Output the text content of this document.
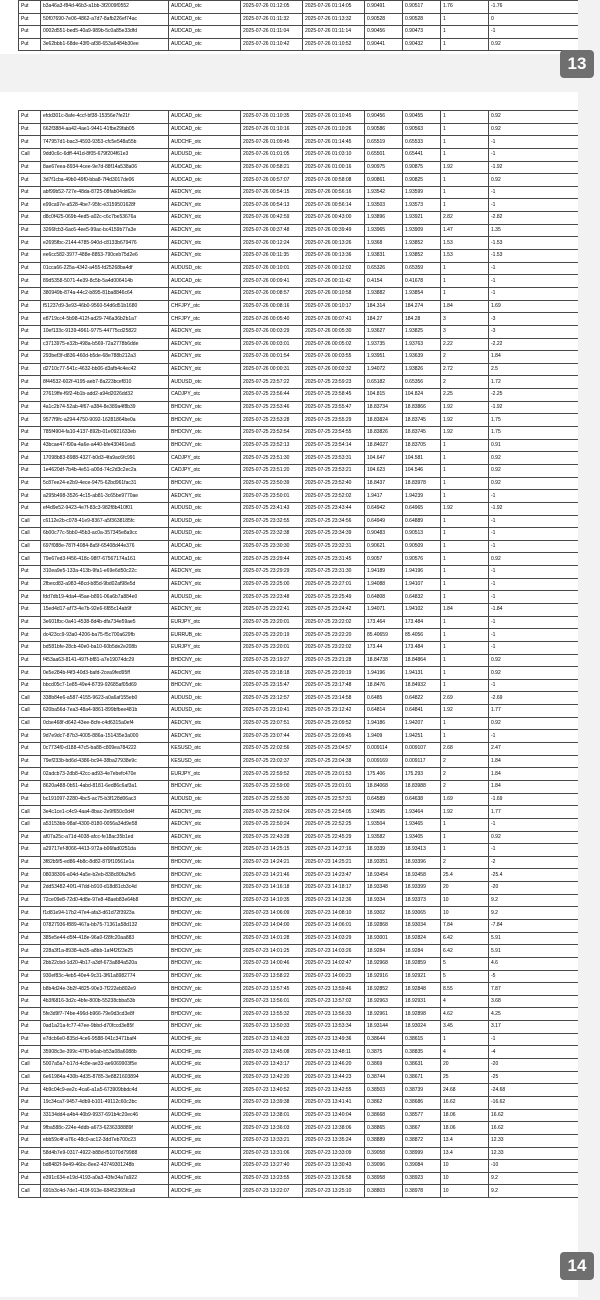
Put	b3a46a3-f84d-46b3-a1bb-3f2009f0552	AUDCAD_otc	2025-07-26 01:12:05	2025-07-26 01:14:05	0.90491	0.90517	1.76	-1.76
Put	50f07690-7e06-4862-a7d7-8afb226ef74ac	AUDCAD_otc	2025-07-26 01:11:32	2025-07-26 01:13:32	0.90528	0.90528	1	0
Put	0002d551-bed5-40a9-989b-5c0a85e33dfd	AUDCAD_otc	2025-07-26 01:11:04	2025-07-26 01:11:14	0.90456	0.90473	1	-1
Put	3e62bbb1-68de-43f0-af38-653a6484b30ee	AUDCAD_otc	2025-07-26 01:10:42	2025-07-26 01:10:52	0.90441	0.90432	1	0.92
13
Put	efdd301c-8afe-4ccf-bf38-15356e7fe21f	AUDCAD_otc	2025-07-26 01:10:35	2025-07-26 01:10:45	0.90456	0.90455	1	0.92
Put	662f3884-aa42-4ae1-9441-41fbe29fab05	AUDCAD_otc	2025-07-26 01:10:16	2025-07-26 01:10:26	0.90586	0.90563	1	0.92
Put	747957d1-bac3-4593-9353-cfc5e548a55b	AUDCHF_otc	2025-07-26 01:09:45	2025-07-26 01:14:45	0.65519	0.65533	1	-1
Call	9dd0c6c-6dff-441d-8f05-679f204f61e3	AUDUSD_otc	2025-07-26 01:01:05	2025-07-26 01:03:10	0.65501	0.65441	1	-1
Put	8ae67eea-8934-4cee-9e7d-88f14a538a06	AUDCAD_otc	2025-07-26 00:58:21	2025-07-26 01:00:16	0.90975	0.90875	1.92	-1.92
Put	3d7f1cba-49b0-49f0-bba8-7f4d3017de06	AUDCAD_otc	2025-07-26 00:57:07	2025-07-26 00:58:08	0.90861	0.90825	1	0.92
Put	abf99b52-727e-48da-8725-08fab04dd62e	AEDCNY_otc	2025-07-26 00:54:15	2025-07-26 00:56:16	1.93542	1.93599	1	-1
Put	e99ca97e-a528-4be7-95fc-e3159501628f	AEDCNY_otc	2025-07-26 00:54:13	2025-07-26 00:56:14	1.93503	1.93573	1	-1
Put	d8c0f425-069b-4ed5-a02c-c6c7be53676a	AEDCNY_otc	2025-07-26 00:42:59	2025-07-26 00:43:00	1.93896	1.93921	2.82	-2.82
Put	3266fcb3-6ac6-4ee5-99ac-bc4159b77a3e	AEDCNY_otc	2025-07-26 00:37:48	2025-07-26 00:39:49	1.93965	1.93909	1.47	1.35
Put	e2695fbc-2144-4785-940d-c8133b679476	AEDCNY_otc	2025-07-26 00:12:24	2025-07-26 00:13:26	1.9368	1.93852	1.53	-1.53
Put	ee6cc582-3977-488e-8853-790ceb75d2e6	AEDCNY_otc	2025-07-26 00:11:35	2025-07-26 00:13:36	1.93831	1.93852	1.53	-1.53
Put	01cca66-225a-4342-a455-fd25268ba4df	AUDUSD_otc	2025-07-26 00:10:01	2025-07-26 00:12:02	0.65326	0.65359	1	-1
Put	89d5358-5071-4e39-8c5b-5a4d006414b	AUDCAD_otc	2025-07-26 00:09:41	2025-07-26 00:11:42	0.4154	0.41678	1	-1
Put	380949b-874a-44c2-b895-81ba8846c64	AEDCNY_otc	2025-07-26 00:08:57	2025-07-26 00:10:58	1.93882	1.93854	1	-1
Put	f51237d9-3e93-46b0-9560-54d6d51b1680	CHFJPY_otc	2025-07-26 00:08:16	2025-07-26 00:10:17	184.314	184.274	1.84	1.69
Put	e8719cc4-5b98-412f-ad29-746a36b2b1a7	CHFJPY_otc	2025-07-26 00:05:40	2025-07-26 00:07:41	184.27	184.28	3	-3
Put	10ef133c-9139-4961-9775-44775cd25822	AEDCNY_otc	2025-07-26 00:03:29	2025-07-26 00:05:30	1.93627	1.93825	3	-3
Put	c3713975-e32b-498a-b569-72a2778b6dde	AEDCNY_otc	2025-07-26 00:03:01	2025-07-26 00:05:02	1.93735	1.93763	2.22	-2.22
Put	293bef3f-d836-460d-b5de-68e788b212a3	AEDCNY_otc	2025-07-26 00:01:54	2025-07-26 00:03:55	1.93951	1.93639	2	1.84
Put	d2710c77-541c-4632-bb06-d3afb4c4ec42	AEDCNY_otc	2025-07-26 00:00:31	2025-07-26 00:02:32	1.94072	1.93826	2.72	2.5
Put	8f44532-602f-4195-aeb7-8a223bcef810	AUDUSD_otc	2025-07-25 23:57:22	2025-07-25 23:59:23	0.65182	0.65356	2	1.72
Put	27619ffe-f6f2-4b1b-add2-a94d2026dd32	CADJPY_otc	2025-07-25 23:56:44	2025-07-25 23:58:45	104.815	104.824	2.25	-2.25
Put	4a1c2b74-52ab-4f67-a384-8e389a4f8b39	BHDCNY_otc	2025-07-25 23:53:46	2025-07-25 23:55:47	18.83734	18.83866	1.92	-1.92
Put	9577f9fc-a294-4750-9092-16281864be0a	BHDCNY_otc	2025-07-25 23:53:28	2025-07-25 23:55:29	18.83824	18.83745	1.92	1.75
Put	785f4904-fa10-4137-892b-01e0921633eb	BHDCNY_otc	2025-07-25 23:52:54	2025-07-25 23:54:55	18.83826	18.83745	1.92	1.75
Put	43bcae47-f90a-4a6e-a440-bfe430461ea5	BHDCNY_otc	2025-07-25 23:52:13	2025-07-25 23:54:14	18.84027	18.83705	1	0.91
Put	17098b83-8988-4327-b0d3-4fa9ac6fc991	CADJPY_otc	2025-07-25 23:51:30	2025-07-25 23:53:31	104.647	104.581	1	0.92
Put	1e4620df-7b4b-4e51-a00d-74c2d3c2ec2a	CADJPY_otc	2025-07-25 23:51:20	2025-07-25 23:53:21	104.623	104.546	1	0.92
Put	5c87ee24-e2b9-4ece-9475-62bd961fac31	BHDCNY_otc	2025-07-25 23:50:39	2025-07-25 23:52:40	18.8437	18.83978	1	0.92
Put	a295b498-3526-4c15-ab81-3c65be9770ae	AEDCNY_otc	2025-07-25 23:50:01	2025-07-25 23:52:02	1.9417	1.94239	1	-1
Put	ef4d9e52-9423-4e7f-83c3-982f8b410f01	AUDUSD_otc	2025-07-25 23:41:43	2025-07-25 23:43:44	0.64942	0.64965	1.92	-1.92
Call	c6112e2b-c078-41e9-8367-a5f3638185fc	AUDUSD_otc	2025-07-25 23:32:55	2025-07-25 23:34:56	0.64949	0.64889	1	-1
Call	6b00c77c-5bb0-45b3-ac0a-357345e8a9cc	AUDUSD_otc	2025-07-25 23:32:38	2025-07-25 23:34:39	0.90483	0.90513	1	-1
Call	697f088e-787f-4084-8a5f-65408d44e376	AUDCAD_otc	2025-07-25 23:30:30	2025-07-25 23:32:31	0.90621	0.90509	1	-1
Call	79e67ed3-f456-418c-98f7-67567174a161	AUDCAD_otc	2025-07-25 23:29:44	2025-07-25 23:31:45	0.9057	0.90576	1	0.92
Put	310ea9e5-133a-413b-9fa1-e69e6d50c22c	AEDCNY_otc	2025-07-25 23:29:29	2025-07-25 23:31:30	1.94189	1.94196	1	-1
Put	2fbecd83-a983-48cd-b85d-9bd02af98e5d	AEDCNY_otc	2025-07-25 23:25:00	2025-07-25 23:27:01	1.94088	1.94107	1	-1
Put	fdd7db19-4da4-45ae-b891-06a6b7a884e0	AUDUSD_otc	2025-07-25 23:23:48	2025-07-25 23:25:49	0.64808	0.64832	1	-1
Put	15ed4d17-af73-4e7b-92e6-6f85c14ab9f	AEDCNY_otc	2025-07-25 23:22:41	2025-07-25 23:24:42	1.94071	1.94102	1.84	-1.84
Put	3e601fbc-0a41-4538-8d4b-dfa734e59ae5	EURJPY_otc	2025-07-25 23:20:01	2025-07-25 23:22:02	173.464	173.484	1	-1
Put	dc423cc9-93a0-4206-ba75-f5c700a629fb	EURRUB_otc	2025-07-25 23:20:19	2025-07-25 23:22:20	85.40659	85.4056	1	-1
Put	bd581bfe-28cb-40e0-ba10-60b5de2e208b	EURJPY_otc	2025-07-25 23:20:01	2025-07-25 23:22:02	173.44	173.484	1	-1
Put	f453aa63-8141-497f-bf81-a7e19074dc29	BHDCNY_otc	2025-07-25 23:19:27	2025-07-25 23:21:28	18.84738	18.84864	1	0.92
Put	0e5e284b-f4f3-40d3-bafd-2cea9fed95ff	AEDCNY_otc	2025-07-25 23:18:18	2025-07-25 23:20:19	1.94196	1.94131	1	0.92
Put	bbcd05c7-1e85-49e4-8739-92685af05d69	BHDCNY_otc	2025-07-25 23:15:47	2025-07-25 23:17:48	18.8476	18.84932	1	-1
Call	338b84e6-a587-4155-9623-a0a6af155eb0	AUDUSD_otc	2025-07-25 23:12:57	2025-07-25 23:14:58	0.6485	0.64822	2.69	-2.69
Call	620ba56d-7ea3-48a4-9861-899bfbee481b	AUDUSD_otc	2025-07-25 23:10:41	2025-07-25 23:12:42	0.64814	0.64841	1.92	1.77
Call	0cbe468f-d642-43ee-8cfe-c4d6315a0ef4	AEDCNY_otc	2025-07-25 23:07:51	2025-07-25 23:09:52	1.94186	1.94207	1	0.92
Put	9d7e9dc7-87b3-4005-886a-151435e3a000	AEDCNY_otc	2025-07-25 23:07:44	2025-07-25 23:09:45	1.9409	1.94251	1	-1
Put	0c7734f0-d188-47c5-ba88-c809ea784222	KESUSD_otc	2025-07-25 22:02:56	2025-07-25 23:04:57	0.009114	0.009107	2.68	2.47
Put	79ef233b-bd6d-4386-bc94-38ba27938e9c	KESUSD_otc	2025-07-25 23:02:37	2025-07-25 23:04:38	0.009169	0.009117	2	1.84
Put	02adcb73-2db8-42cc-ad93-4e7ebefc470e	EURJPY_otc	2025-07-25 22:59:52	2025-07-25 23:01:53	175.406	175.293	2	1.84
Put	8620a488-0b51-4abd-8181-6ed86c6af3a1	BHDCNY_otc	2025-07-25 22:59:00	2025-07-25 23:01:01	18.84068	18.83988	2	1.84
Put	bc191097-2280-4bc5-ac75-b3f128d06ac3	AUDUSD_otc	2025-07-25 22:55:30	2025-07-25 22:57:31	0.64589	0.64638	1.69	-1.69
Call	3e4c1ce1-c4c9-4aa4-8bac-2e9f650c0d4f	AEDCNY_otc	2025-07-25 22:52:04	2025-07-25 22:54:05	1.93495	1.93464	1.92	1.77
Call	a53153bb-98af-4300-8180-0056a34d9e58	AEDCNY_otc	2025-07-25 22:50:24	2025-07-25 22:52:25	1.93504	1.93465	1	-1
Put	af07a25c-a71d-4038-afcc-fe18ac35b1ed	AEDCNY_otc	2025-07-25 22:43:28	2025-07-25 22:45:29	1.93582	1.93405	1	0.92
Put	a29717ef-8066-4413-972a-b06fad0251da	BHDCNY_otc	2025-07-23 14:25:15	2025-07-23 14:27:16	18.9339	18.93413	1	-1
Put	3f82b5f5-ed86-4b8c-8d82-879f10561e1a	BHDCNY_otc	2025-07-23 14:24:21	2025-07-23 14:25:21	18.93351	18.93396	2	-2
Put	08038306-a04d-4a5e-b2eb-838c80fa2fe5	BHDCNY_otc	2025-07-23 14:21:46	2025-07-23 14:23:47	18.93454	18.93458	25.4	-25.4
Put	2dd53482-40f1-47dd-b910-d18d81cb3c4d	BHDCNY_otc	2025-07-23 14:16:18	2025-07-23 14:18:17	18.93348	18.93399	20	-20
Put	72ce09e8-72d0-4d8e-97e8-48aeb83e64b8	BHDCNY_otc	2025-07-23 14:10:35	2025-07-23 14:12:36	18.9334	18.93373	10	9.2
Put	f1d81e94-17b2-47e4-afa3-d61d72f3923a	BHDCNY_otc	2025-07-23 14:06:09	2025-07-23 14:08:10	18.9302	18.93065	10	9.2
Put	07827936-f889-467a-bb75-71361a58d132	BHDCNY_otc	2025-07-23 14:04:00	2025-07-23 14:06:01	18.92868	18.93034	7.84	-7.84
Put	385e5e44-d5f4-418e-96a0-f28fc20aa883	BHDCNY_otc	2025-07-23 14:01:28	2025-07-23 14:03:29	18.93001	18.92824	6.42	5.91
Put	228a3f1a-8938-4a35-a8bb-1af4f2f23e25	BHDCNY_otc	2025-07-23 14:01:25	2025-07-23 14:03:26	18.9284	18.9284	6.42	5.91
Put	2bb22cbd-1d20-4b17-a3df-673a884a520a	BHDCNY_otc	2025-07-23 14:00:46	2025-07-23 14:02:47	18.92968	18.92859	5	4.6
Put	930ef83c-4eb5-40e4-9c31-3f61a8982774	BHDCNY_otc	2025-07-23 13:58:22	2025-07-23 14:00:23	18.92916	18.92921	5	-5
Put	b8b4d24e-3b2f-4825-90e3-7f222eb802e9	BHDCNY_otc	2025-07-23 13:57:45	2025-07-23 13:59:46	18.92852	18.92848	8.55	7.87
Put	4b3f6816-3d2c-4bfe-800b-55238cbba53b	BHDCNY_otc	2025-07-23 13:56:01	2025-07-23 13:57:02	18.92963	18.92931	4	3.68
Put	5fe3d9f7-74be-496d-b966-79e9d3cd3e8f	BHDCNY_otc	2025-07-23 13:55:32	2025-07-23 13:56:33	18.92961	18.92898	4.62	4.25
Put	0ad1a21a-fc77-47ee-9bbd-d70fccd3e85f	BHDCNY_otc	2025-07-23 13:50:33	2025-07-23 13:53:34	18.93144	18.93024	3.45	3.17
Put	e7dcb6e0-835d-4ce6-9588-041c3471baf4	AUDCHF_otc	2025-07-23 13:46:33	2025-07-23 13:49:36	0.38644	0.38615	1	-1
Put	35908c3e-399c-47f0-b6ab-b53a08a6088b	AUDCHF_otc	2025-07-23 13:45:08	2025-07-23 13:48:11	0.3875	0.38835	4	-4
Call	5007a5a7-b17d-4c8e-ae33-ae6069903f5e	AUDCHF_otc	2025-07-23 13:43:17	2025-07-23 13:46:20	0.3869	0.38631	20	-20
Call	6e61984a-430b-4d35-8785-3e8821603894	AUDCHF_otc	2025-07-23 13:42:20	2025-07-23 13:44:23	0.38744	0.38671	25	-25
Put	4b9c04c9-ee2c-4ca6-a1a5-673909bbdc4d	AUDCHF_otc	2025-07-23 13:40:52	2025-07-23 13:42:55	0.38503	0.38739	24.68	-24.68
Put	19c34ca7-9457-4db9-b101-49112c60c3bc	AUDCHF_otc	2025-07-23 13:39:38	2025-07-23 13:41:41	0.3862	0.38686	16.62	-16.62
Put	33134dd4-a4b4-40b9-9937-691b4c20ec46	AUDCHF_otc	2025-07-23 13:38:01	2025-07-23 13:40:04	0.38668	0.38577	18.06	16.62
Put	9fba588c-224e-4ddb-a673-6236338889f	AUDCHF_otc	2025-07-23 13:36:03	2025-07-23 13:38:06	0.38865	0.3867	18.06	16.62
Put	ebb59c4f-a76c-48c0-ac12-3dd7eb700c23	AUDCHF_otc	2025-07-23 13:33:21	2025-07-23 13:35:24	0.38889	0.38872	13.4	12.33
Put	58d4b7e9-0317-4922-b88d-f51070d79988	AUDCHF_otc	2025-07-23 13:31:06	2025-07-23 13:33:09	0.39058	0.38999	13.4	12.33
Put	bd8482f-9e49-46bc-8ee2-43749301248b	AUDCHF_otc	2025-07-23 13:27:40	2025-07-23 13:30:43	0.39096	0.39084	10	-10
Put	e391c634-e19d-4193-a0a3-43fe34a7a922	AUDCHF_otc	2025-07-23 13:23:55	2025-07-23 13:26:58	0.38958	0.38923	10	9.2
Call	691b3c4d-7de1-419f-913e-68452365fca9	AUDCHF_otc	2025-07-23 13:22:07	2025-07-23 13:25:10	0.38803	0.38978	10	9.2
14
